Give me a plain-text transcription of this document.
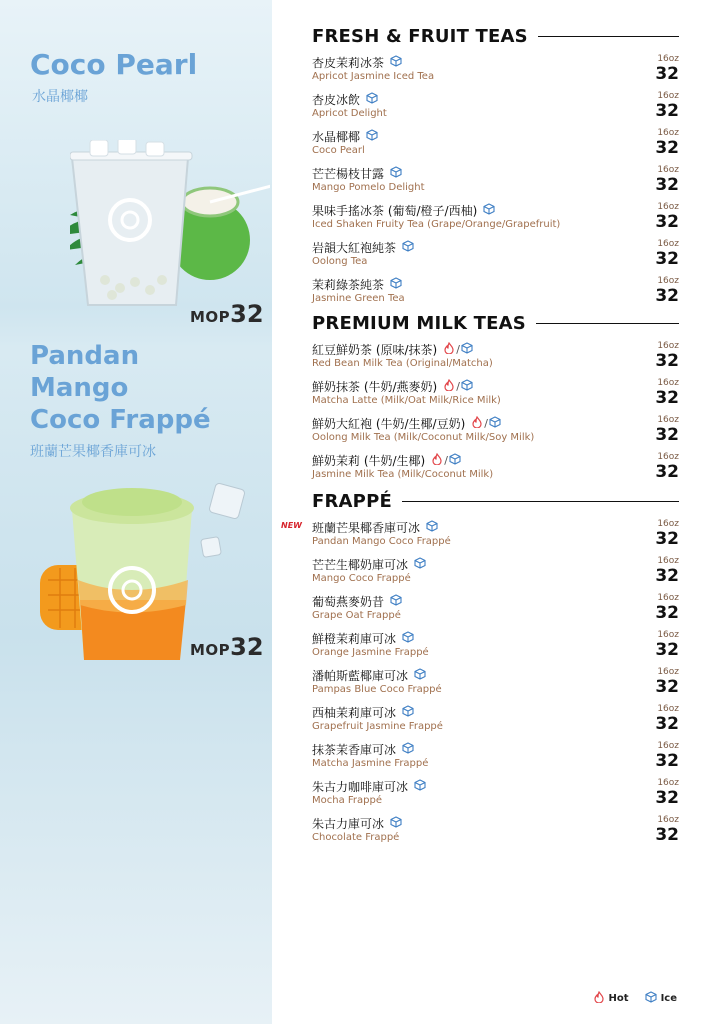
Coco Pearl
水晶椰椰
MOP32
Pandan
Mango
Coco Frappé
班蘭芒果椰香庫可冰
MOP32
FRESH & FRUIT TEAS
杏皮茉莉冰茶
Apricot Jasmine Iced Tea
16oz
32
杏皮冰飲
Apricot Delight
16oz
32
水晶椰椰
Coco Pearl
16oz
32
芒芒楊枝甘露
Mango Pomelo Delight
16oz
32
果味手搖冰茶 (葡萄/橙子/西柚)
Iced Shaken Fruity Tea (Grape/Orange/Grapefruit)
16oz
32
岩韻大紅袍純茶
Oolong Tea
16oz
32
茉莉綠茶純茶
Jasmine Green Tea
16oz
32
PREMIUM MILK TEAS
紅豆鮮奶茶 (原味/抹茶) /
Red Bean Milk Tea (Original/Matcha)
16oz
32
鮮奶抹茶 (牛奶/燕麥奶) /
Matcha Latte (Milk/Oat Milk/Rice Milk)
16oz
32
鮮奶大紅袍 (牛奶/生椰/豆奶) /
Oolong Milk Tea (Milk/Coconut Milk/Soy Milk)
16oz
32
鮮奶茉莉 (牛奶/生椰) /
Jasmine Milk Tea (Milk/Coconut Milk)
16oz
32
FRAPPÉ
NEW 班蘭芒果椰香庫可冰
Pandan Mango Coco Frappé
16oz
32
芒芒生椰奶庫可冰
Mango Coco Frappé
16oz
32
葡萄燕麥奶昔
Grape Oat Frappé
16oz
32
鮮橙茉莉庫可冰
Orange Jasmine Frappé
16oz
32
潘帕斯藍椰庫可冰
Pampas Blue Coco Frappé
16oz
32
西柚茉莉庫可冰
Grapefruit Jasmine Frappé
16oz
32
抹茶茉香庫可冰
Matcha Jasmine Frappé
16oz
32
朱古力咖啡庫可冰
Mocha Frappé
16oz
32
朱古力庫可冰
Chocolate Frappé
16oz
32
Hot	Ice
